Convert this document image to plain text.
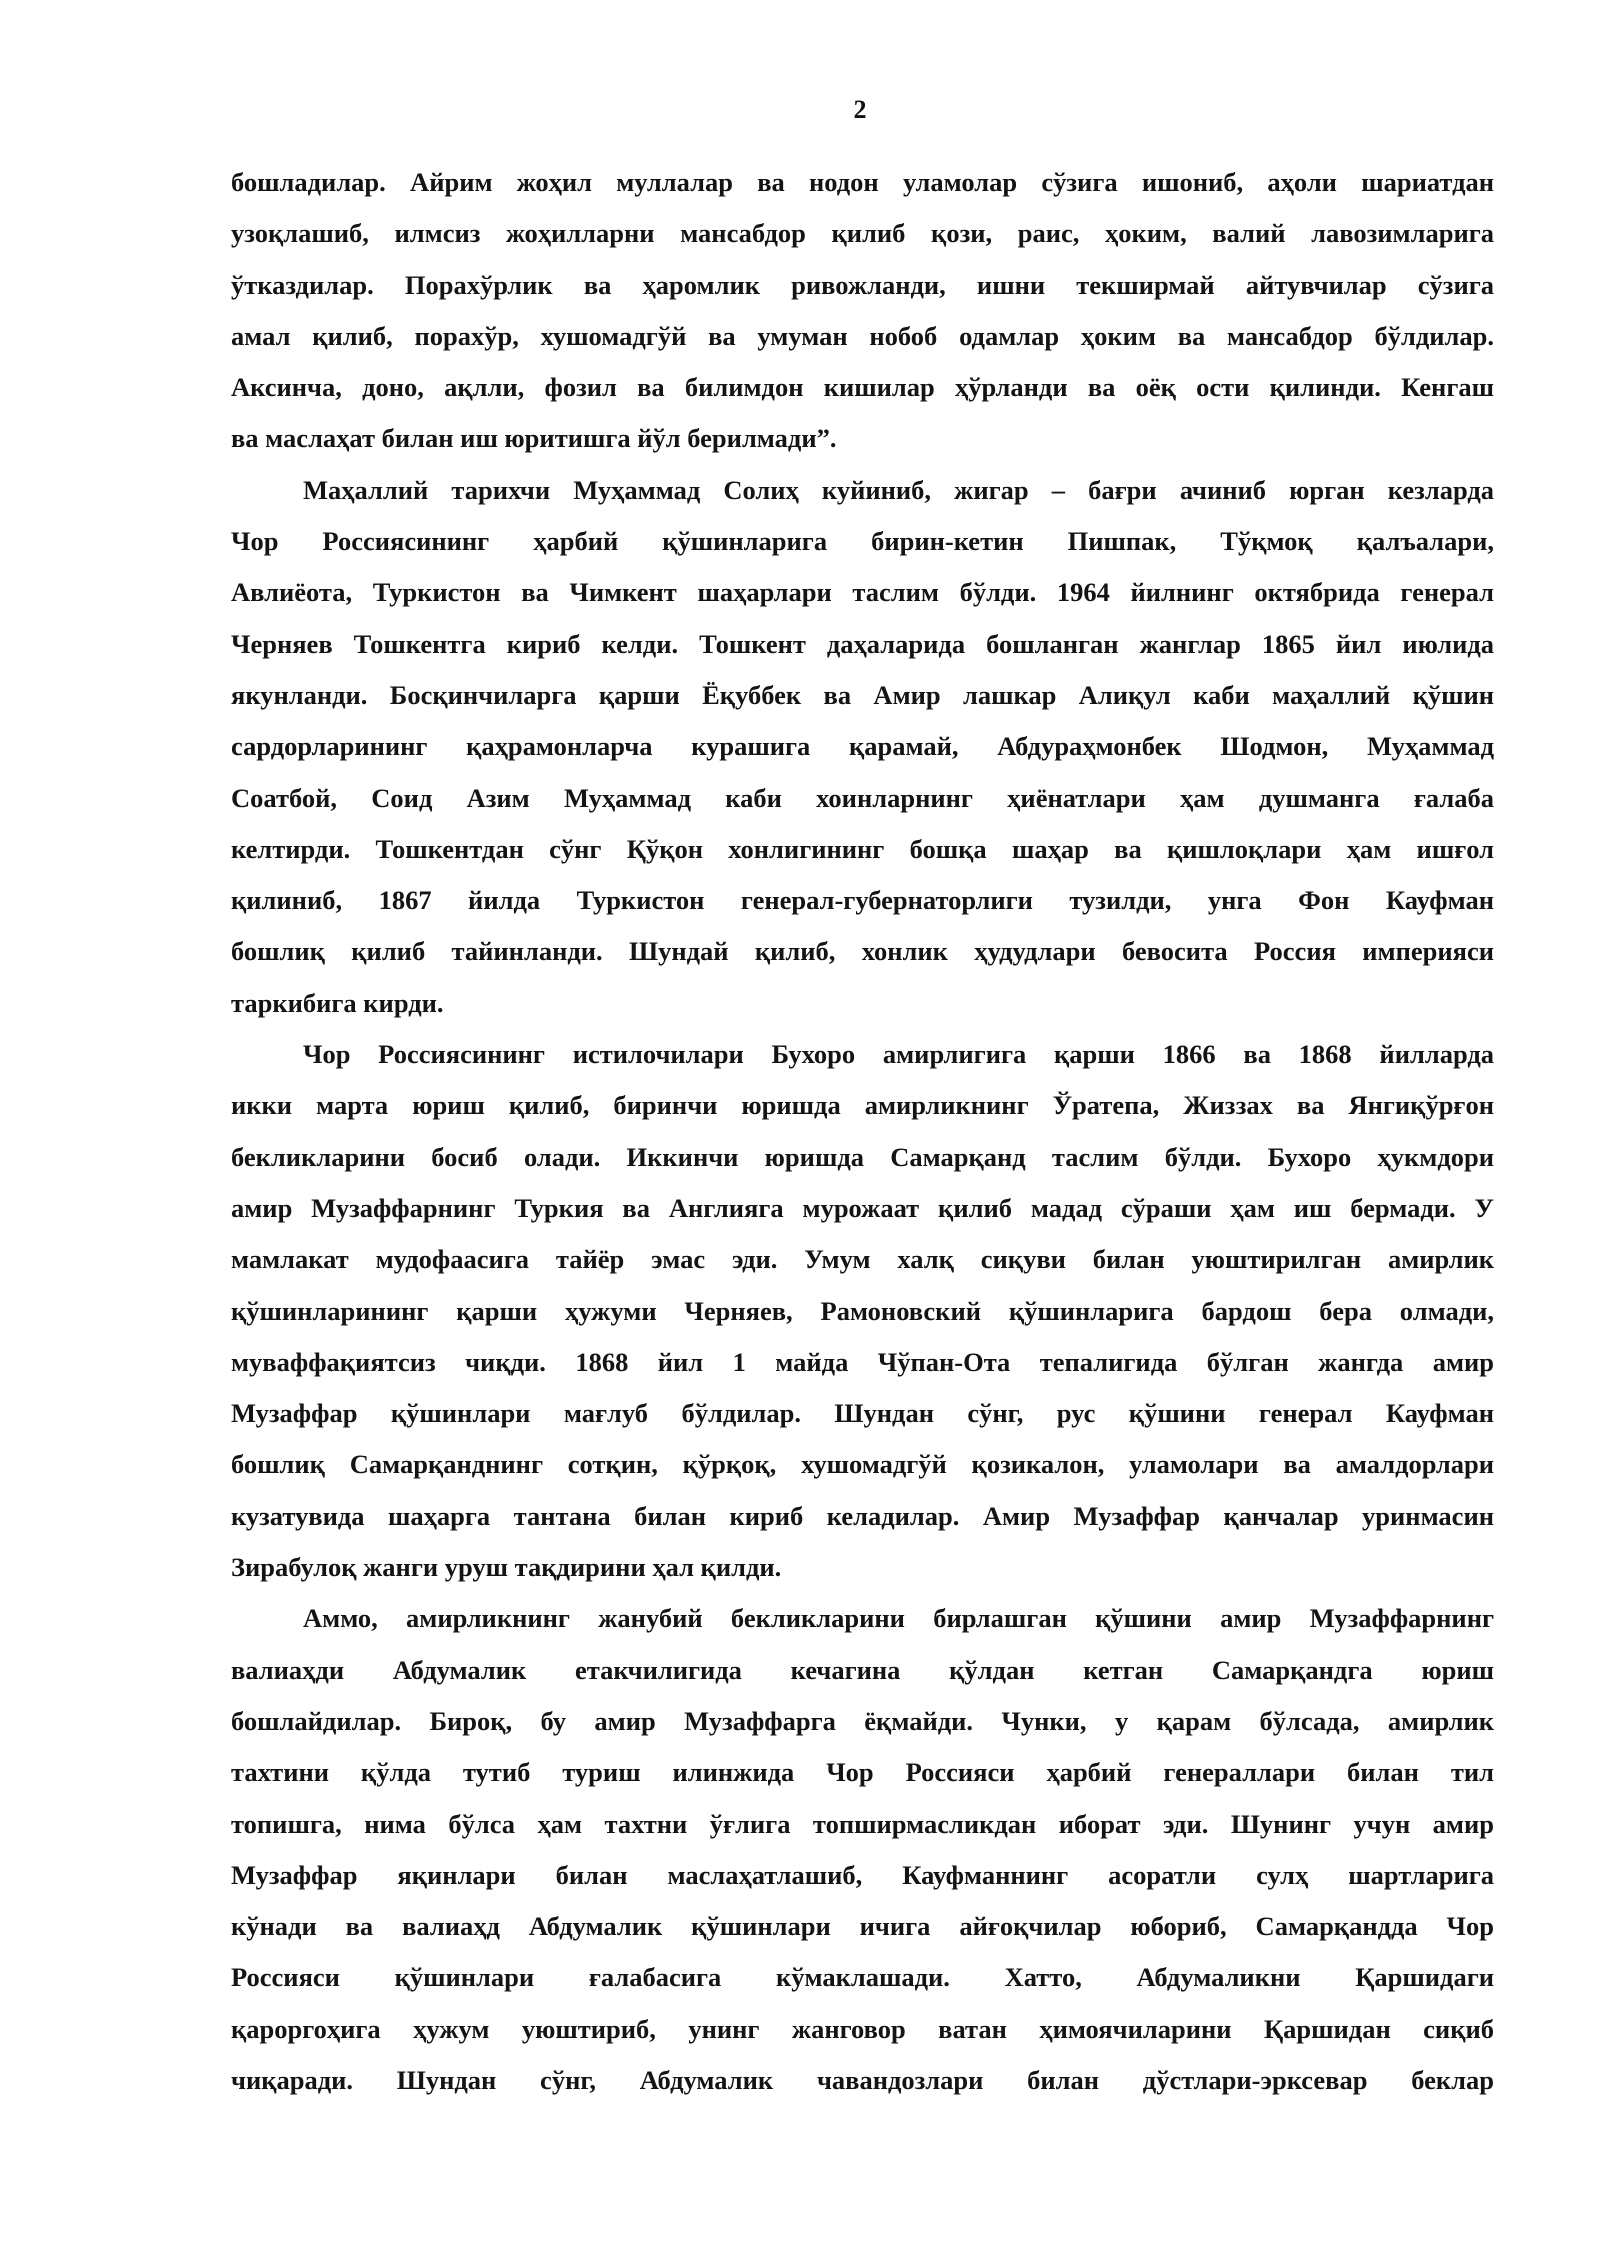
2
бошладилар. Айрим жоҳил муллалар ва нодон уламолар сўзига ишониб, аҳоли шариатдан
узоқлашиб, илмсиз жоҳилларни мансабдор қилиб қози, раис, ҳоким, валий лавозимларига
ўтказдилар. Порахўрлик ва ҳаромлик ривожланди, ишни текширмай айтувчилар сўзига
амал қилиб, порахўр, хушомадгўй ва умуман нобоб одамлар ҳоким ва мансабдор бўлдилар.
Аксинча, доно, ақлли, фозил ва билимдон кишилар ҳўрланди ва оёқ ости қилинди. Кенгаш
ва маслаҳат билан иш юритишга йўл берилмади”.
Маҳаллий тарихчи Муҳаммад Солиҳ куйиниб, жигар – бағри ачиниб юрган кезларда
Чор Россиясининг ҳарбий қўшинларига бирин-кетин Пишпак, Тўқмоқ қалъалари,
Авлиёота, Туркистон ва Чимкент шаҳарлари таслим бўлди. 1964 йилнинг октябрида генерал
Черняев Тошкентга кириб келди. Тошкент даҳаларида бошланган жанглар 1865 йил июлида
якунланди. Босқинчиларга қарши Ёқуббек ва Амир лашкар Алиқул каби маҳаллий қўшин
сардорларининг қаҳрамонларча курашига қарамай, Абдураҳмонбек Шодмон, Муҳаммад
Соатбой, Соид Азим Муҳаммад каби хоинларнинг ҳиёнатлари ҳам душманга ғалаба
келтирди. Тошкентдан сўнг Қўқон хонлигининг бошқа шаҳар ва қишлоқлари ҳам ишғол
қилиниб, 1867 йилда Туркистон генерал-губернаторлиги тузилди, унга Фон Кауфман
бошлиқ қилиб тайинланди. Шундай қилиб, хонлик ҳудудлари бевосита Россия империяси
таркибига кирди.
Чор Россиясининг истилочилари Бухоро амирлигига қарши 1866 ва 1868 йилларда
икки марта юриш қилиб, биринчи юришда амирликнинг Ўратепа, Жиззах ва Янгиқўрғон
бекликларини босиб олади. Иккинчи юришда Самарқанд таслим бўлди. Бухоро ҳукмдори
амир Музаффарнинг Туркия ва Англияга мурожаат қилиб мадад сўраши ҳам иш бермади. У
мамлакат мудофаасига тайёр эмас эди. Умум халқ сиқуви билан уюштирилган амирлик
қўшинларининг қарши ҳужуми Черняев, Рамоновский қўшинларига бардош бера олмади,
муваффақиятсиз чиқди. 1868 йил 1 майда Чўпан-Ота тепалигида бўлган жангда амир
Музаффар қўшинлари мағлуб бўлдилар. Шундан сўнг, рус қўшини генерал Кауфман
бошлиқ Самарқанднинг сотқин, қўрқоқ, хушомадгўй қозикалон, уламолари ва амалдорлари
кузатувида шаҳарга тантана билан кириб келадилар. Амир Музаффар қанчалар уринмасин
Зирабулоқ жанги уруш тақдирини ҳал қилди.
Аммо, амирликнинг жанубий бекликларини бирлашган қўшини амир Музаффарнинг
валиаҳди Абдумалик етакчилигида кечагина қўлдан кетган Самарқандга юриш
бошлайдилар. Бироқ, бу амир Музаффарга ёқмайди. Чунки, у қарам бўлсада, амирлик
тахтини қўлда тутиб туриш илинжида Чор Россияси ҳарбий генераллари билан тил
топишга, нима бўлса ҳам тахтни ўғлига топширмасликдан иборат эди. Шунинг учун амир
Музаффар яқинлари билан маслаҳатлашиб, Кауфманнинг асоратли сулҳ шартларига
кўнади ва валиаҳд Абдумалик қўшинлари ичига айғоқчилар юбориб, Самарқандда Чор
Россияси қўшинлари ғалабасига кўмаклашади. Хатто, Абдумаликни Қаршидаги
қароргоҳига ҳужум уюштириб, унинг жанговор ватан ҳимоячиларини Қаршидан сиқиб
чиқаради. Шундан сўнг, Абдумалик чавандозлари билан дўстлари-эрксевар беклар
